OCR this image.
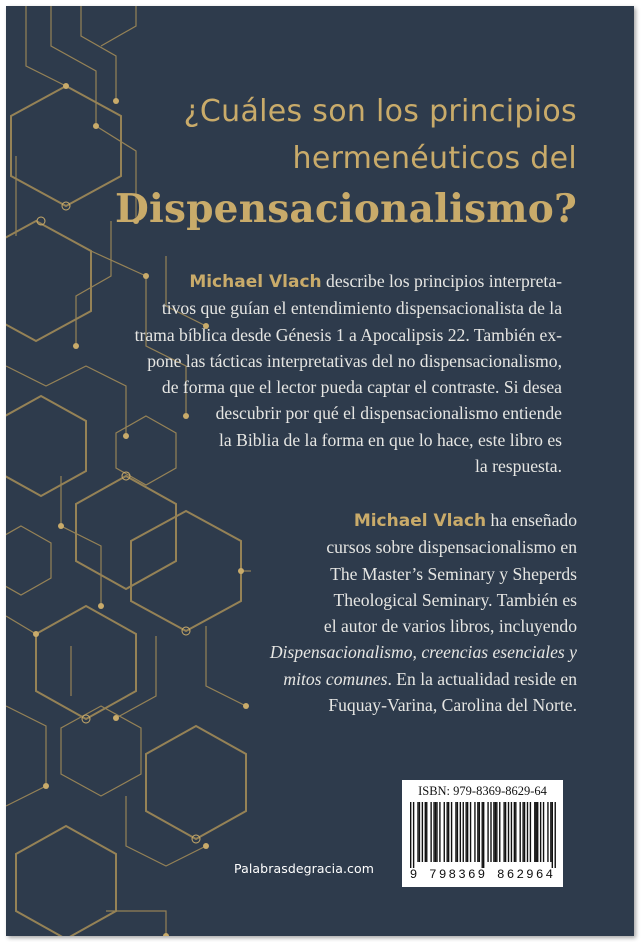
¿Cuáles son los principios
hermenéuticos del
Dispensacionalismo?
Michael Vlach describe los principios interpreta-
tivos que guían el entendimiento dispensacionalista de la
trama bíblica desde Génesis 1 a Apocalipsis 22. También ex-
pone las tácticas interpretativas del no dispensacionalismo,
de forma que el lector pueda captar el contraste. Si desea
descubrir por qué el dispensacionalismo entiende
la Biblia de la forma en que lo hace, este libro es
la respuesta.
Michael Vlach ha enseñado
cursos sobre dispensacionalismo en
The Master’s Seminary y Sheperds
Theological Seminary. También es
el autor de varios libros, incluyendo
Dispensacionalismo, creencias esenciales y
mitos comunes. En la actualidad reside en
Fuquay-Varina, Carolina del Norte.
Palabrasdegracia.com
ISBN: 979-8369-8629-64
9 798369 862964
